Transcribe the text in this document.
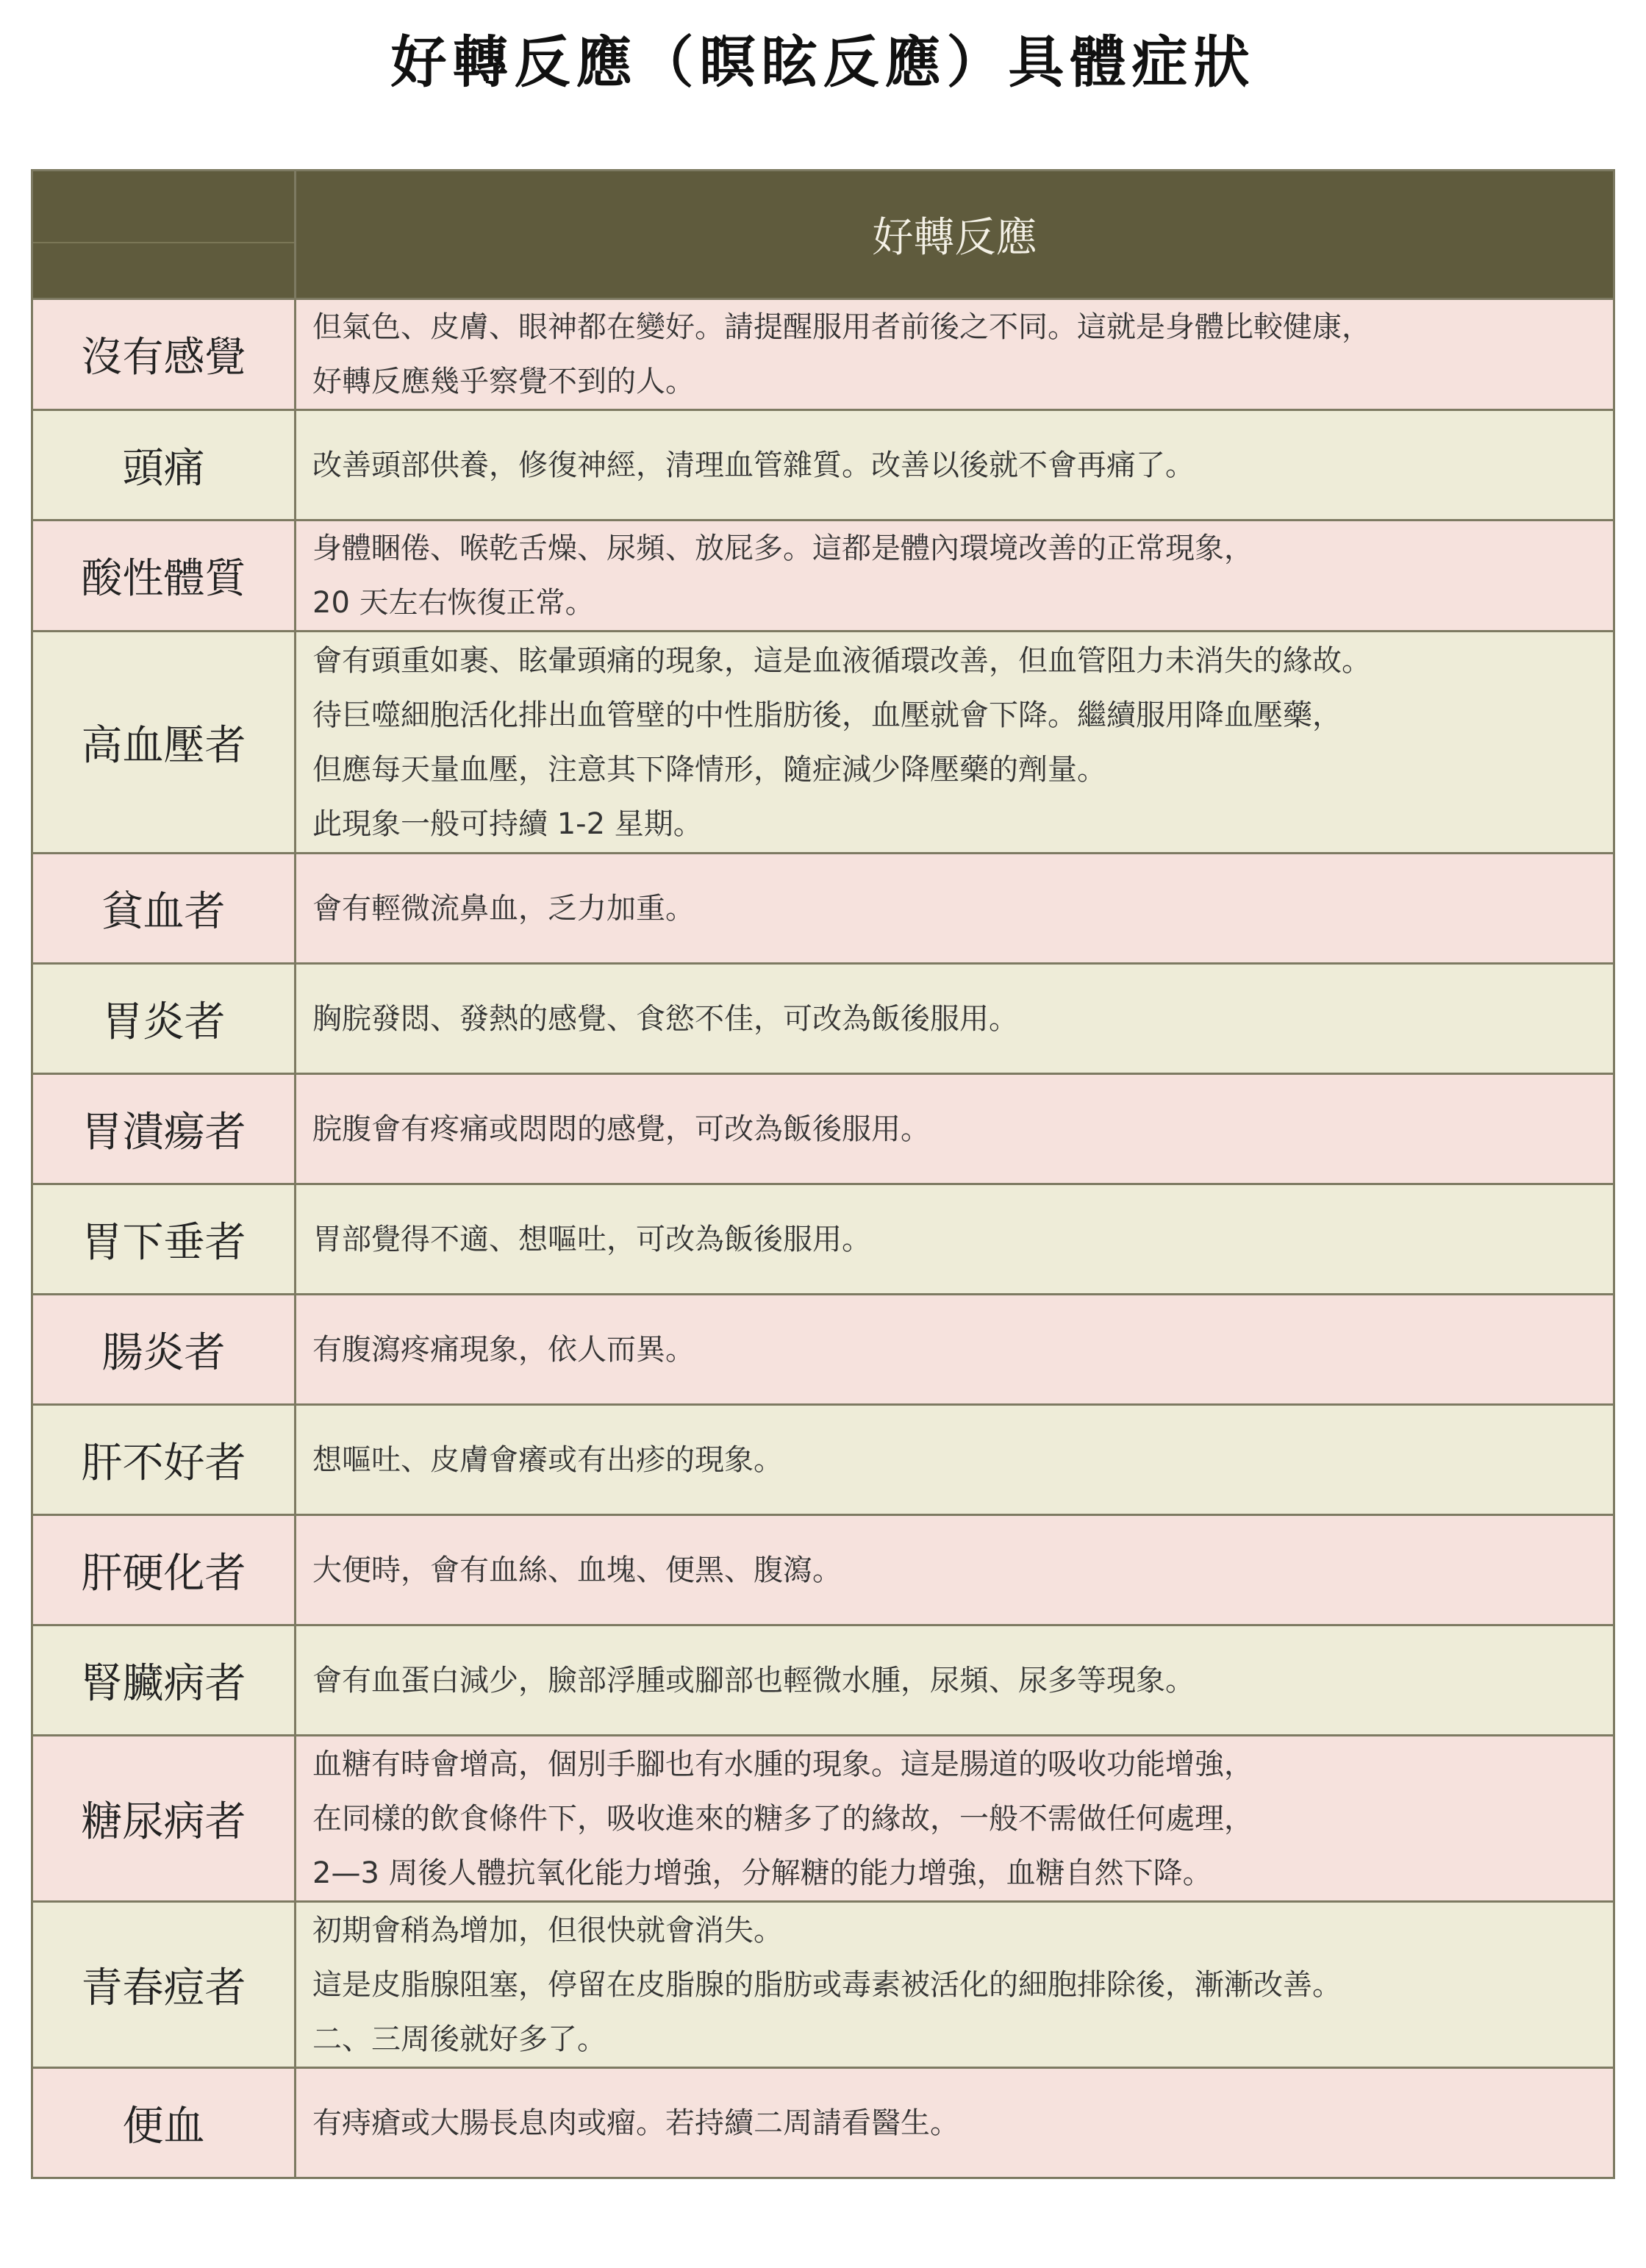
好轉反應（瞑眩反應）具體症狀
	好轉反應
沒有感覺	但氣色、皮膚、眼神都在變好。請提醒服用者前後之不同。這就是身體比較健康，
好轉反應幾乎察覺不到的人。

頭痛	改善頭部供養，修復神經，清理血管雜質。改善以後就不會再痛了。

酸性體質	身體睏倦、喉乾舌燥、尿頻、放屁多。這都是體內環境改善的正常現象，
20 天左右恢復正常。

高血壓者	會有頭重如裹、眩暈頭痛的現象，這是血液循環改善，但血管阻力未消失的緣故。
待巨噬細胞活化排出血管壁的中性脂肪後，血壓就會下降。繼續服用降血壓藥，
但應每天量血壓，注意其下降情形，隨症減少降壓藥的劑量。
此現象一般可持續 1-2 星期。

貧血者	會有輕微流鼻血，乏力加重。

胃炎者	胸脘發悶、發熱的感覺、食慾不佳，可改為飯後服用。

胃潰瘍者	脘腹會有疼痛或悶悶的感覺，可改為飯後服用。

胃下垂者	胃部覺得不適、想嘔吐，可改為飯後服用。

腸炎者	有腹瀉疼痛現象，依人而異。

肝不好者	想嘔吐、皮膚會癢或有出疹的現象。

肝硬化者	大便時，會有血絲、血塊、便黑、腹瀉。

腎臟病者	會有血蛋白減少，臉部浮腫或腳部也輕微水腫，尿頻、尿多等現象。

糖尿病者	血糖有時會增高，個別手腳也有水腫的現象。這是腸道的吸收功能增強，
在同樣的飲食條件下，吸收進來的糖多了的緣故，一般不需做任何處理，
2—3 周後人體抗氧化能力增強，分解糖的能力增強，血糖自然下降。

青春痘者	初期會稍為增加，但很快就會消失。
這是皮脂腺阻塞，停留在皮脂腺的脂肪或毒素被活化的細胞排除後，漸漸改善。
二、三周後就好多了。

便血	有痔瘡或大腸長息肉或瘤。若持續二周請看醫生。
